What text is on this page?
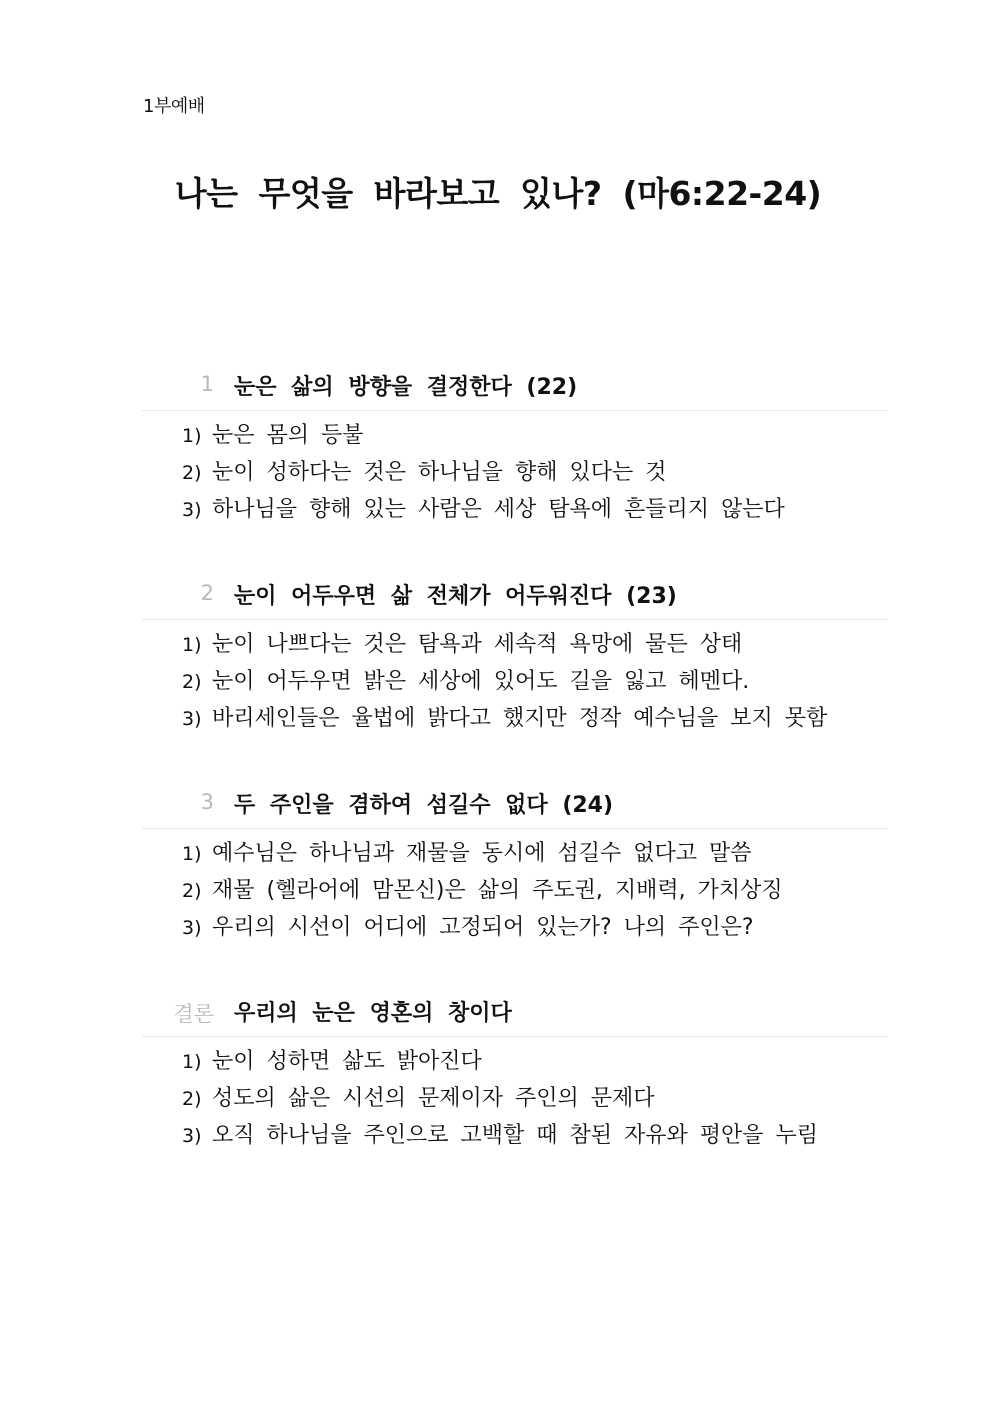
1부예배
나는 무엇을 바라보고 있나? (마6:22-24)
1 눈은 삶의 방향을 결정한다 (22)
1) 눈은 몸의 등불
2) 눈이 성하다는 것은 하나님을 향해 있다는 것
3) 하나님을 향해 있는 사람은 세상 탐욕에 흔들리지 않는다
2 눈이 어두우면 삶 전체가 어두워진다 (23)
1) 눈이 나쁘다는 것은 탐욕과 세속적 욕망에 물든 상태
2) 눈이 어두우면 밝은 세상에 있어도 길을 잃고 헤멘다.
3) 바리세인들은 율법에 밝다고 했지만 정작 예수님을 보지 못함
3 두 주인을 겸하여 섬길수 없다 (24)
1) 예수님은 하나님과 재물을 동시에 섬길수 없다고 말씀
2) 재물 (헬라어에 맘몬신)은 삶의 주도권, 지배력, 가치상징
3) 우리의 시선이 어디에 고정되어 있는가? 나의 주인은?
결론 우리의 눈은 영혼의 창이다
1) 눈이 성하면 삶도 밝아진다
2) 성도의 삶은 시선의 문제이자 주인의 문제다
3) 오직 하나님을 주인으로 고백할 때 참된 자유와 평안을 누림
